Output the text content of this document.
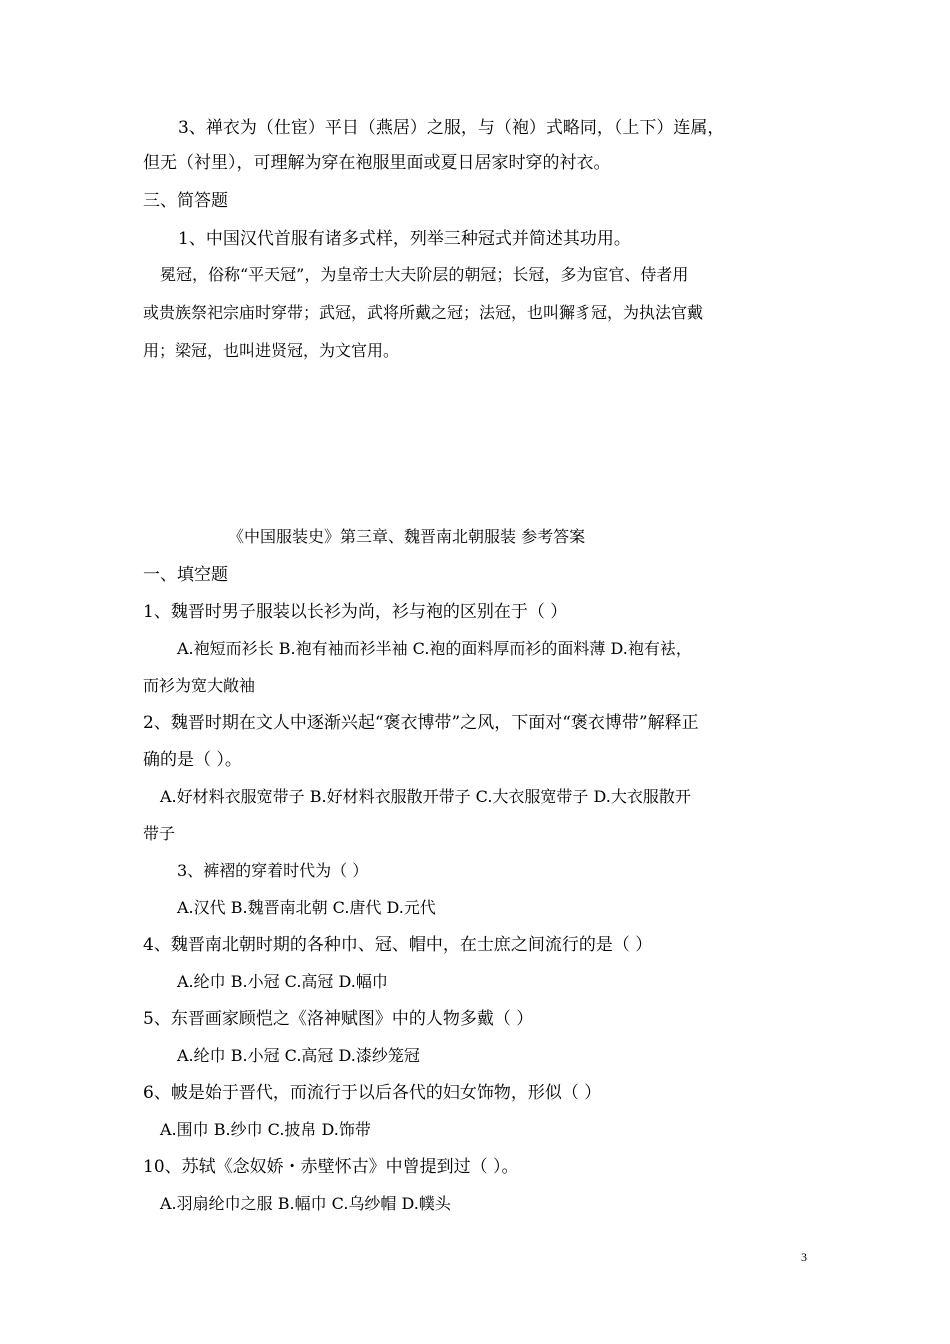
3、禅衣为（仕宦）平日（燕居）之服，与（袍）式略同，（上下）连属，
但无（衬里），可理解为穿在袍服里面或夏日居家时穿的衬衣。
三、简答题
1、中国汉代首服有诸多式样，列举三种冠式并简述其功用。
冕冠，俗称“平天冠”，为皇帝士大夫阶层的朝冠；长冠，多为宦官、侍者用
或贵族祭祀宗庙时穿带；武冠，武将所戴之冠；法冠，也叫獬豸冠，为执法官戴
用；梁冠，也叫进贤冠，为文官用。
《中国服装史》第三章、魏晋南北朝服装 参考答案
一、填空题
1、魏晋时男子服装以长衫为尚，衫与袍的区别在于（ ）
A.袍短而衫长 B.袍有袖而衫半袖 C.袍的面料厚而衫的面料薄 D.袍有袪，
而衫为宽大敞袖
2、魏晋时期在文人中逐渐兴起“褒衣博带”之风，下面对“褒衣博带”解释正
确的是（ ）。
A.好材料衣服宽带子 B.好材料衣服散开带子 C.大衣服宽带子 D.大衣服散开
带子
3、裤褶的穿着时代为（ ）
A.汉代 B.魏晋南北朝 C.唐代 D.元代
4、魏晋南北朝时期的各种巾、冠、帽中，在士庶之间流行的是（ ）
A.纶巾 B.小冠 C.高冠 D.幅巾
5、东晋画家顾恺之《洛神赋图》中的人物多戴（ ）
A.纶巾 B.小冠 C.高冠 D.漆纱笼冠
6、帔是始于晋代，而流行于以后各代的妇女饰物，形似（ ）
A.围巾 B.纱巾 C.披帛 D.饰带
10、苏轼《念奴娇・赤壁怀古》中曾提到过（ ）。
A.羽扇纶巾之服 B.幅巾 C.乌纱帽 D.幞头
3
